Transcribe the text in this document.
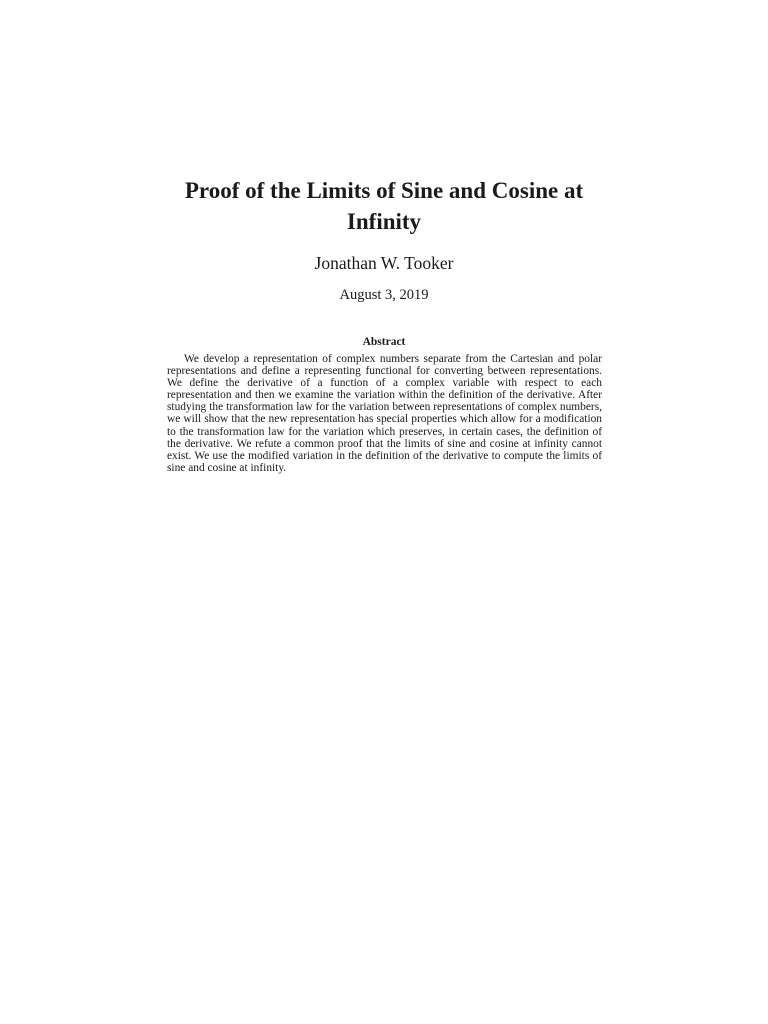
Proof of the Limits of Sine and Cosine at Infinity

Jonathan W. Tooker

August 3, 2019

Abstract

We develop a representation of complex numbers separate from the Cartesian and polar representations and define a representing functional for converting between representations. We define the derivative of a function of a complex variable with respect to each representation and then we examine the variation within the definition of the derivative. After studying the transformation law for the variation between representations of complex numbers, we will show that the new representation has special properties which allow for a modification to the transformation law for the variation which preserves, in certain cases, the definition of the derivative. We refute a common proof that the limits of sine and cosine at infinity cannot exist. We use the modified variation in the definition of the derivative to compute the limits of sine and cosine at infinity.
